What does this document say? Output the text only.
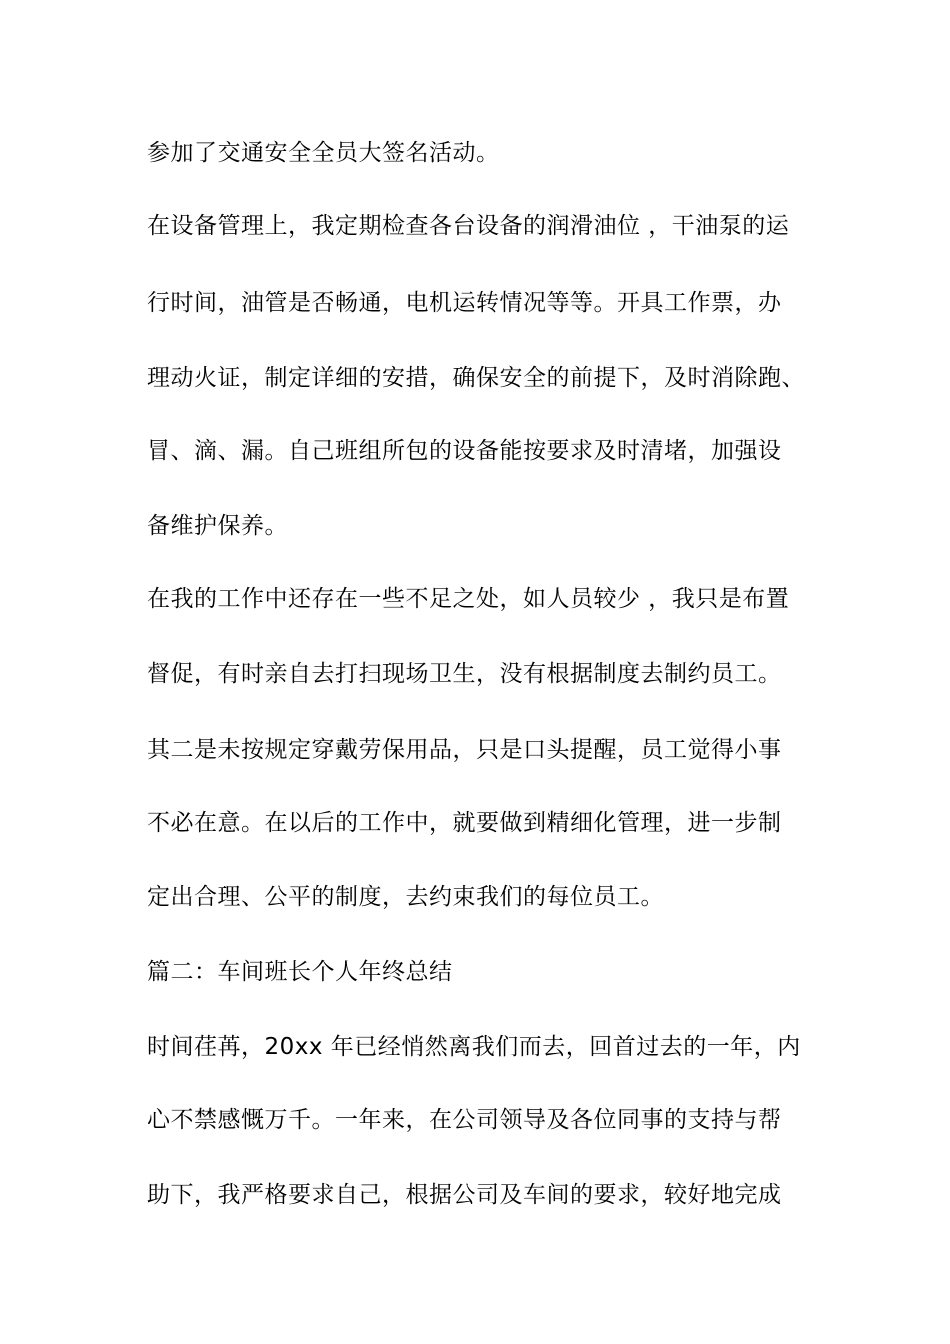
参加了交通安全全员大签名活动。
在设备管理上，我定期检查各台设备的润滑油位 ，干油泵的运
行时间，油管是否畅通，电机运转情况等等。开具工作票，办
理动火证，制定详细的安措，确保安全的前提下，及时消除跑、
冒、滴、漏。自己班组所包的设备能按要求及时清堵，加强设
备维护保养。
在我的工作中还存在一些不足之处，如人员较少 ，我只是布置
督促，有时亲自去打扫现场卫生，没有根据制度去制约员工。
其二是未按规定穿戴劳保用品，只是口头提醒，员工觉得小事
不必在意。在以后的工作中，就要做到精细化管理，进一步制
定出合理、公平的制度，去约束我们的每位员工。
篇二：车间班长个人年终总结
时间荏苒，20xx 年已经悄然离我们而去，回首过去的一年，内
心不禁感慨万千。一年来，在公司领导及各位同事的支持与帮
助下，我严格要求自己，根据公司及车间的要求，较好地完成
